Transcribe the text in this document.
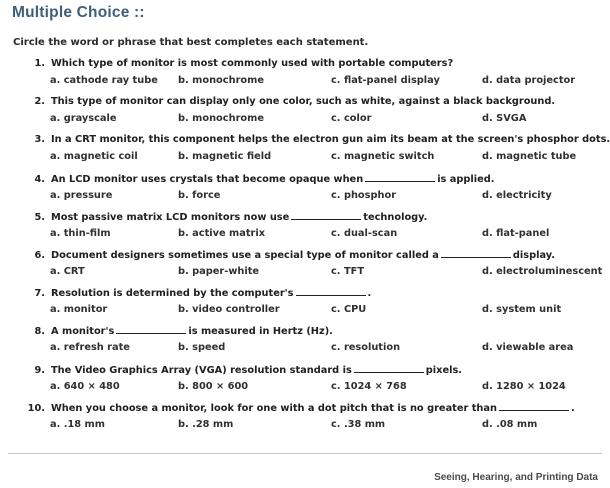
Multiple Choice ::
Circle the word or phrase that best completes each statement.
1. Which type of monitor is most commonly used with portable computers?
a. cathode ray tube b. monochrome	c. flat-panel display	d. data projector
2. This type of monitor can display only one color, such as white, against a black background.
a. grayscale	b. monochrome	c. color	d. SVGA
3. In a CRT monitor, this component helps the electron gun aim its beam at the screen's phosphor dots.
a. magnetic coil	b. magnetic field	c. magnetic switch	d. magnetic tube
4. An LCD monitor uses crystals that become opaque when	is applied.
a. pressure	b. force	c. phosphor	d. electricity
5. Most passive matrix LCD monitors now use	technology.
a. thin-film	b. active matrix	c. dual-scan	d. flat-panel
6. Document designers sometimes use a special type of monitor called a	display.
a. CRT	b. paper-white	c. TFT	d. electroluminescent
7. Resolution is determined by the computer's	.
a. monitor	b. video controller	c. CPU	d. system unit
8. A monitor's	is measured in Hertz (Hz).
a. refresh rate	b. speed	c. resolution	d. viewable area
9. The Video Graphics Array (VGA) resolution standard is	pixels.
a. 640 × 480	b. 800 × 600	c. 1024 × 768	d. 1280 × 1024
10. When you choose a monitor, look for one with a dot pitch that is no greater than	.
a. .18 mm	b. .28 mm	c. .38 mm	d. .08 mm
Seeing, Hearing, and Printing Data
